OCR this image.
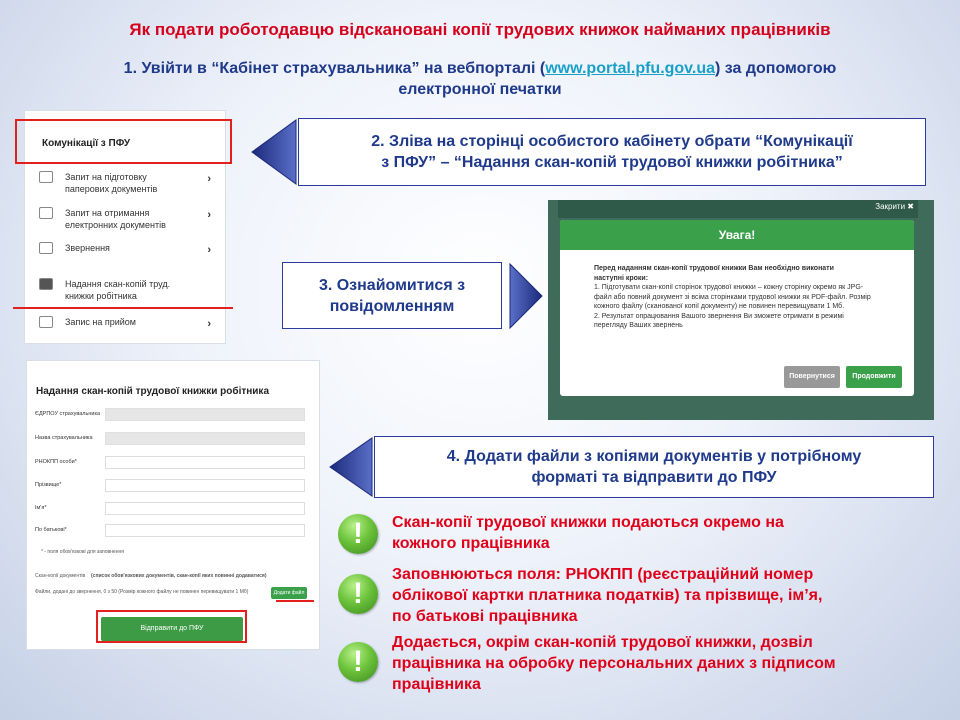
Як подати роботодавцю відскановані копії трудових книжок найманих працівників
1. Увійти в “Кабінет страхувальника” на вебпорталі (www.portal.pfu.gov.ua) за допомогою
електронної печатки
Комунікації з ПФУ
Запит на підготовку
паперових документів
›
Запит на отримання
електронних документів
›
Звернення	›
Надання скан-копій труд.
книжки робітника
Запис на прийом	›
2. Зліва на сторінці особистого кабінету обрати “Комунікації
з ПФУ” – “Надання скан-копій трудової книжки робітника”
3. Ознайомитися з
повідомленням
Закрити ✖
Увага!
Перед наданням скан-копії трудової книжки Вам необхідно виконати
наступні кроки:
1. Підготувати скан-копії сторінок трудової книжки – кожну сторінку окремо як JPG-
файл або повний документ зі всіма сторінками трудової книжки як PDF-файл. Розмір
кожного файлу (сканованої копії документу) не повинен перевищувати 1 Мб.
2. Результат опрацювання Вашого звернення Ви зможете отримати в режимі
перегляду Ваших звернень
Повернутися	Продовжити
Надання скан-копій трудової книжки робітника
ЄДРПОУ страхувальника
Назва страхувальника
РНОКПП особи*
Прізвище*
Ім'я*
По батькові*
* - поля обов'язкові для заповнення
Скан-копії документів (список обов'язкових документів, скан-копії яких повинні додаватися)
Файли, додані до звернення, 0 з 50 (Розмір кожного файлу не повинен перевищувати 1 Мб)	Додати файл
Відправити до ПФУ
4. Додати файли з копіями документів у потрібному
форматі та відправити до ПФУ
!	Скан-копії трудової книжки подаються окремо на
кожного працівника
!
Заповнюються поля: РНОКПП (реєстраційний номер
облікової картки платника податків) та прізвище, ім’я,
по батькові працівника
!
Додається, окрім скан-копій трудової книжки, дозвіл
працівника на обробку персональних даних з підписом
працівника
